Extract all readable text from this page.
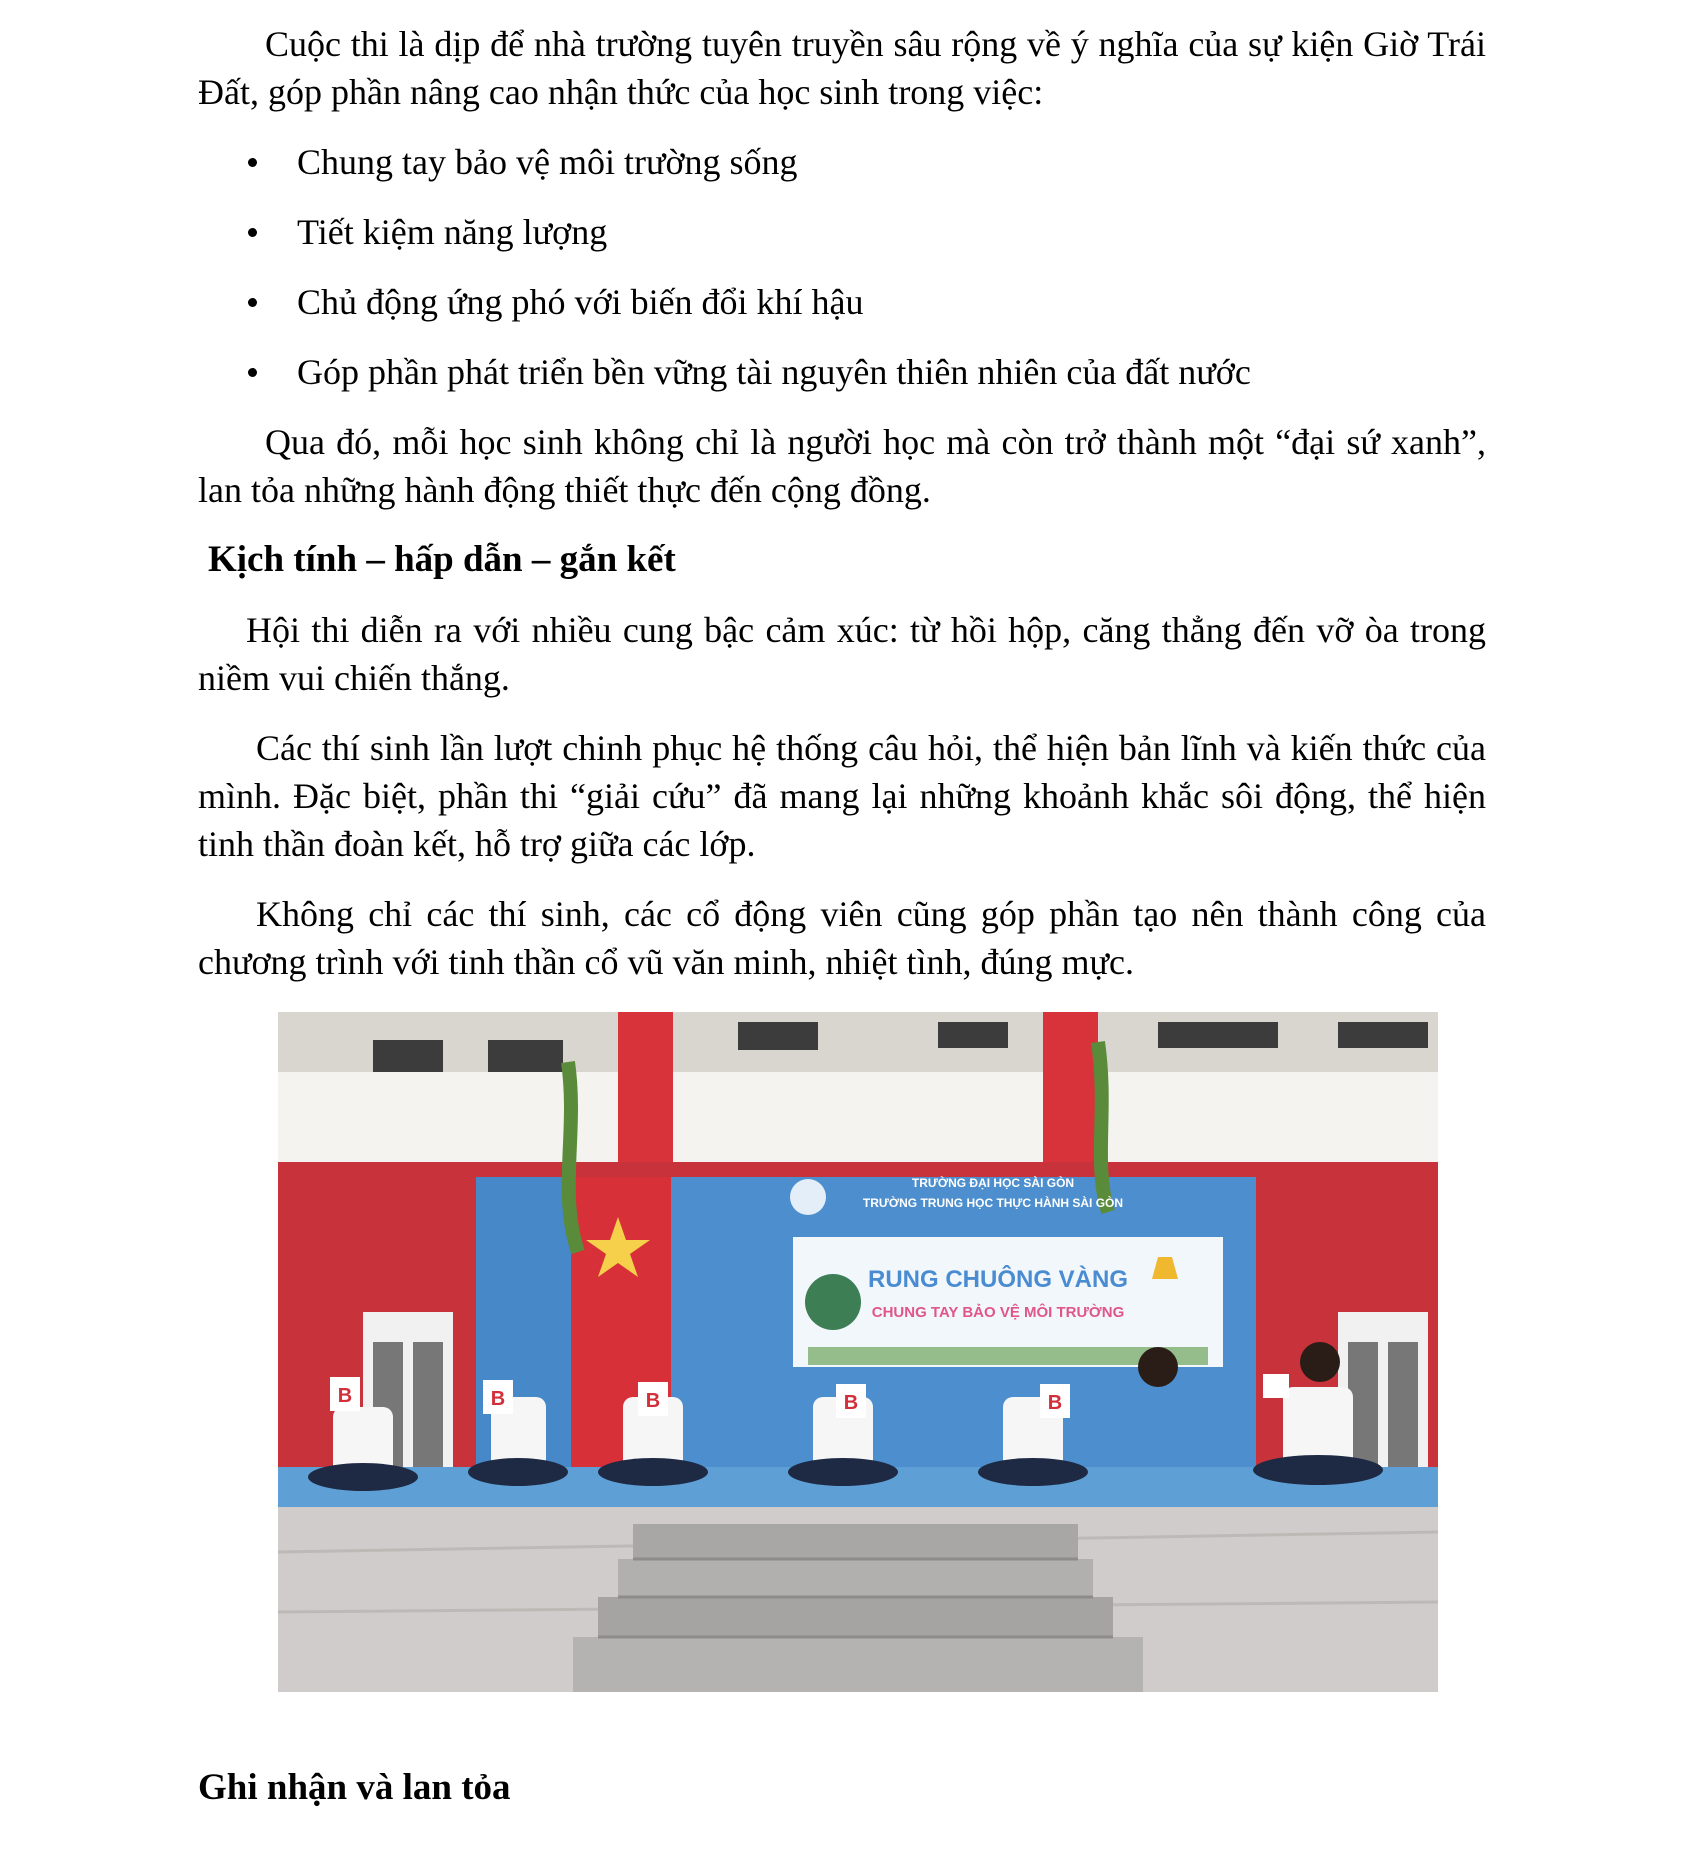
Cuộc thi là dịp để nhà trường tuyên truyền sâu rộng về ý nghĩa của sự kiện Giờ Trái Đất, góp phần nâng cao nhận thức của học sinh trong việc:

Chung tay bảo vệ môi trường sống
Tiết kiệm năng lượng
Chủ động ứng phó với biến đổi khí hậu
Góp phần phát triển bền vững tài nguyên thiên nhiên của đất nước

Qua đó, mỗi học sinh không chỉ là người học mà còn trở thành một “đại sứ xanh”, lan tỏa những hành động thiết thực đến cộng đồng.

Kịch tính – hấp dẫn – gắn kết

Hội thi diễn ra với nhiều cung bậc cảm xúc: từ hồi hộp, căng thẳng đến vỡ òa trong niềm vui chiến thắng.

Các thí sinh lần lượt chinh phục hệ thống câu hỏi, thể hiện bản lĩnh và kiến thức của mình. Đặc biệt, phần thi “giải cứu” đã mang lại những khoảnh khắc sôi động, thể hiện tinh thần đoàn kết, hỗ trợ giữa các lớp.

Không chỉ các thí sinh, các cổ động viên cũng góp phần tạo nên thành công của chương trình với tinh thần cổ vũ văn minh, nhiệt tình, đúng mực.

TRƯỜNG ĐẠI HỌC SÀI GÒN
TRƯỜNG TRUNG HỌC THỰC HÀNH SÀI GÒN
RUNG CHUÔNG VÀNG
CHUNG TAY BẢO VỆ MÔI TRƯỜNG
B	B	B	B	B
Ghi nhận và lan tỏa
